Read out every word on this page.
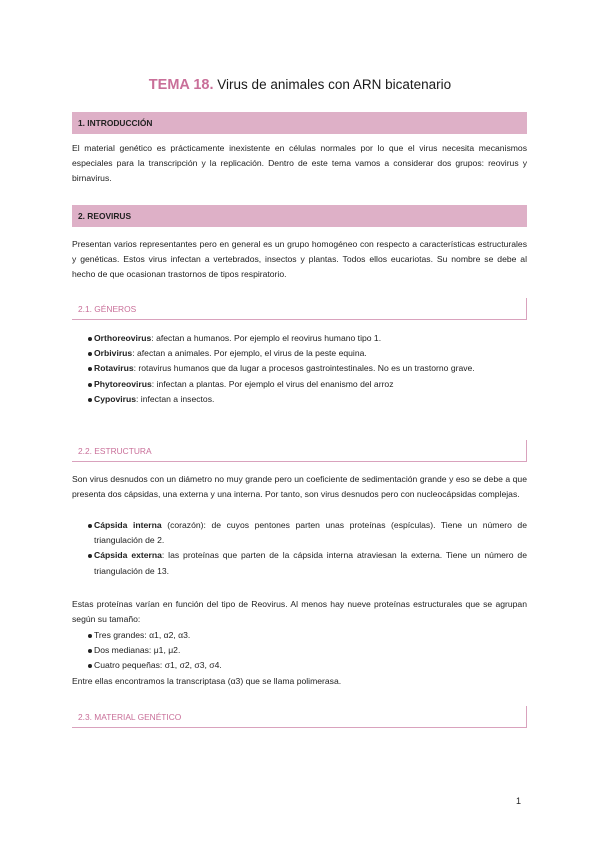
TEMA 18. Virus de animales con ARN bicatenario
1. INTRODUCCIÓN
El material genético es prácticamente inexistente en células normales por lo que el virus necesita mecanismos especiales para la transcripción y la replicación. Dentro de este tema vamos a considerar dos grupos: reovirus y birnavirus.
2. REOVIRUS
Presentan varios representantes pero en general es un grupo homogéneo con respecto a características estructurales y genéticas. Estos virus infectan a vertebrados, insectos y plantas. Todos ellos eucariotas. Su nombre se debe al hecho de que ocasionan trastornos de tipos respiratorio.
2.1. GÉNEROS
Orthoreovirus: afectan a humanos. Por ejemplo el reovirus humano tipo 1.
Orbivirus: afectan a animales. Por ejemplo, el virus de la peste equina.
Rotavirus: rotavirus humanos que da lugar a procesos gastrointestinales. No es un trastorno grave.
Phytoreovirus: infectan a plantas. Por ejemplo el virus del enanismo del arroz
Cypovirus: infectan a insectos.
2.2. ESTRUCTURA
Son virus desnudos con un diámetro no muy grande pero un coeficiente de sedimentación grande y eso se debe a que presenta dos cápsidas, una externa y una interna. Por tanto, son virus desnudos pero con nucleocápsidas complejas.
Cápsida interna (corazón): de cuyos pentones parten unas proteínas (espículas). Tiene un número de triangulación de 2.
Cápsida externa: las proteínas que parten de la cápsida interna atraviesan la externa. Tiene un número de triangulación de 13.
Estas proteínas varían en función del tipo de Reovirus. Al menos hay nueve proteínas estructurales que se agrupan según su tamaño:
Tres grandes: α1, α2, α3.
Dos medianas: μ1, μ2.
Cuatro pequeñas: σ1, σ2, σ3, σ4.
Entre ellas encontramos la transcriptasa (α3) que se llama polimerasa.
2.3. MATERIAL GENÉTICO
1
